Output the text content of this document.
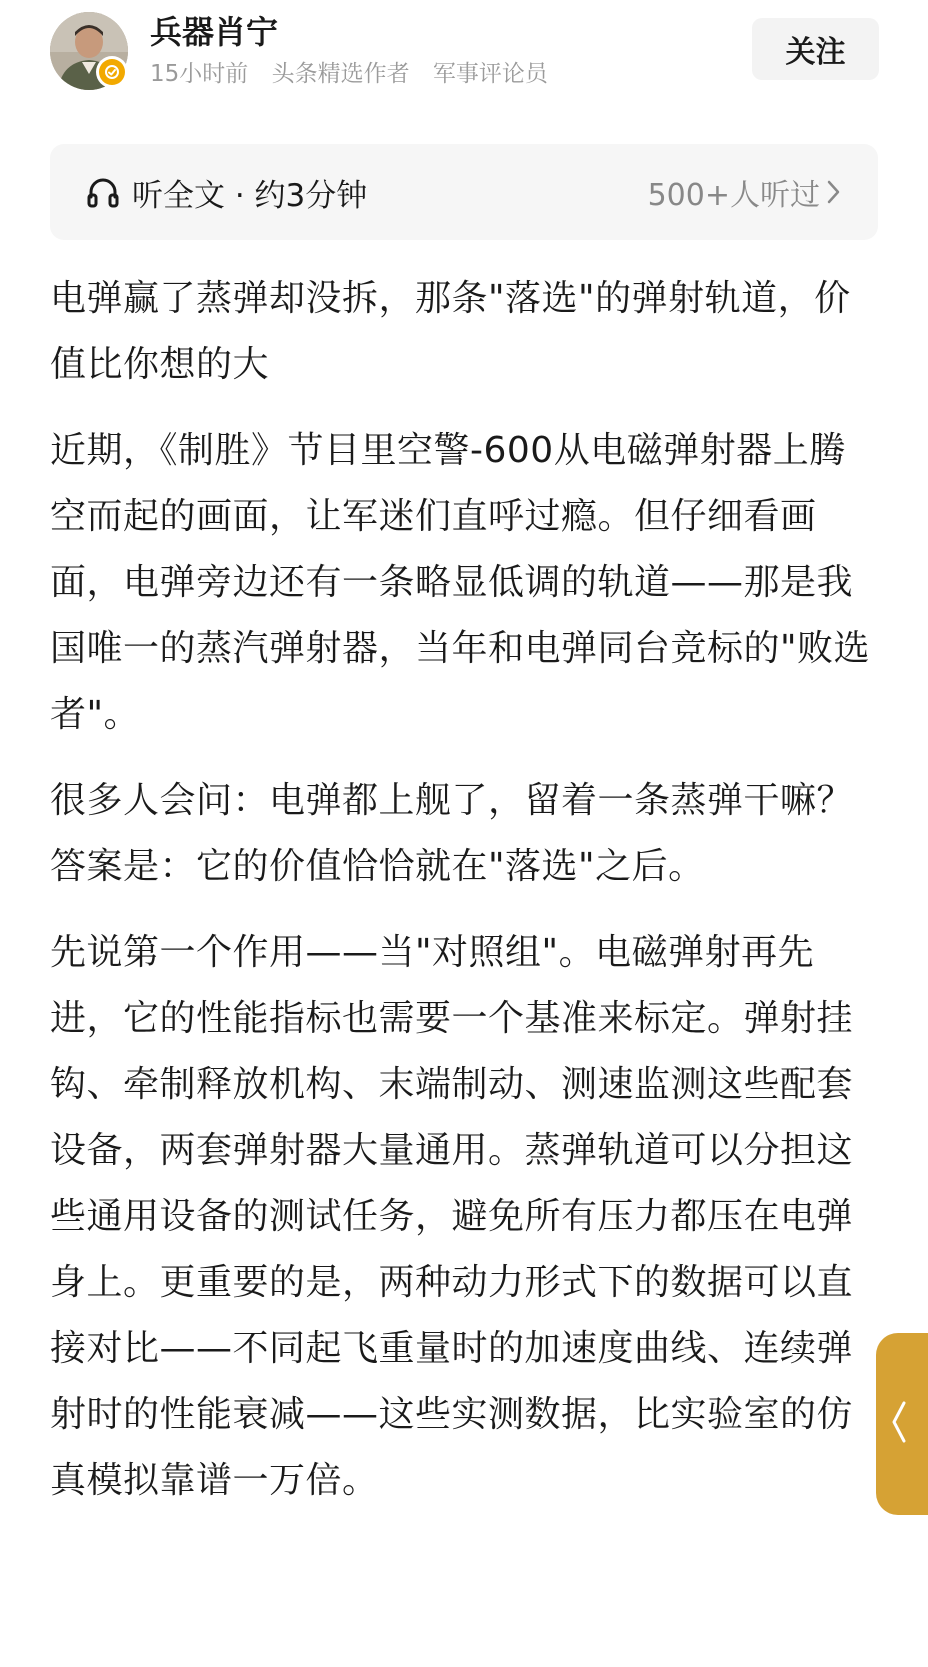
兵器肖宁
15小时前 头条精选作者 军事评论员
关注
听全文 · 约3分钟	500+人听过

电弹赢了蒸弹却没拆，那条"落选"的弹射轨道，价值比你想的大

近期，《制胜》节目里空警-600从电磁弹射器上腾空而起的画面，让军迷们直呼过瘾。但仔细看画面，电弹旁边还有一条略显低调的轨道——那是我国唯一的蒸汽弹射器，当年和电弹同台竞标的"败选者"。

很多人会问：电弹都上舰了，留着一条蒸弹干嘛？答案是：它的价值恰恰就在"落选"之后。

先说第一个作用——当"对照组"。电磁弹射再先进，它的性能指标也需要一个基准来标定。弹射挂钩、牵制释放机构、末端制动、测速监测这些配套设备，两套弹射器大量通用。蒸弹轨道可以分担这些通用设备的测试任务，避免所有压力都压在电弹身上。更重要的是，两种动力形式下的数据可以直接对比——不同起飞重量时的加速度曲线、连续弹射时的性能衰减——这些实测数据，比实验室的仿真模拟靠谱一万倍。
